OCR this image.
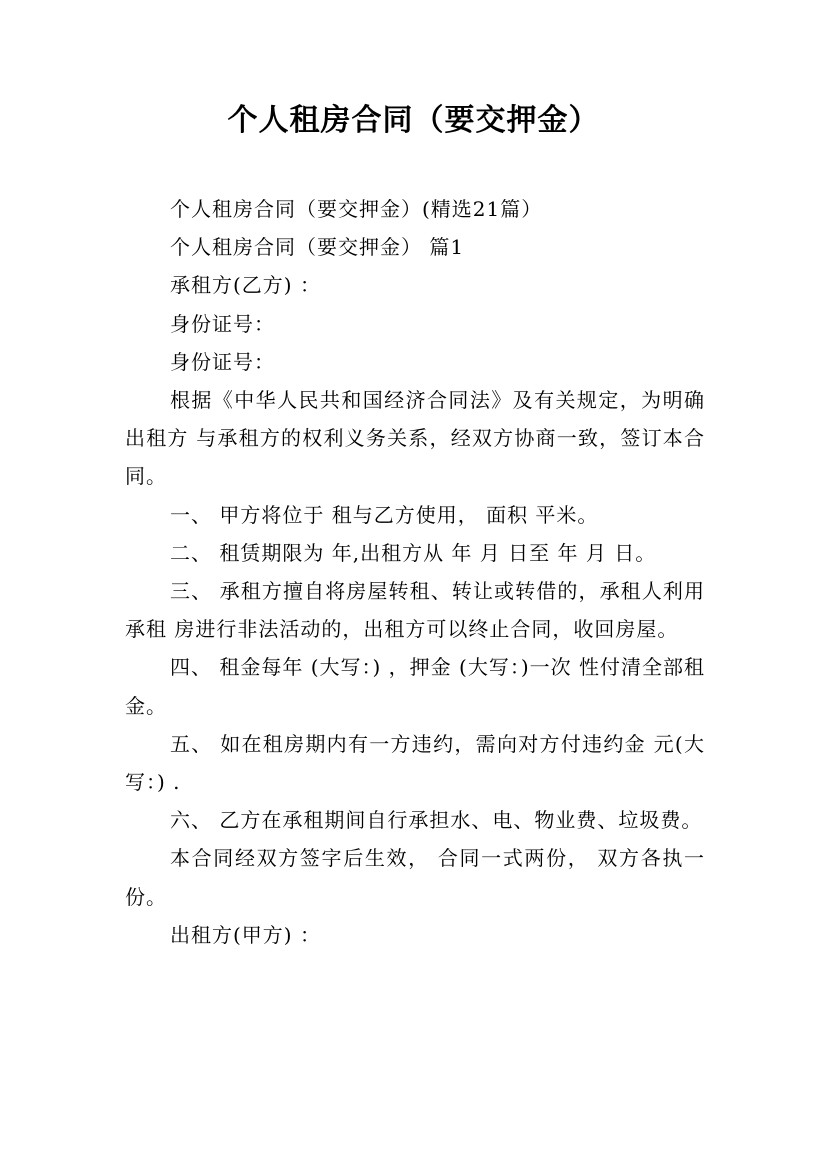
个人租房合同（要交押金）

个人租房合同（要交押金）(精选21篇）

个人租房合同（要交押金） 篇1

承租方(乙方) ：

身份证号：

身份证号：

根据《中华人民共和国经济合同法》及有关规定，为明确出租方 与承租方的权利义务关系，经双方协商一致，签订本合同。

一、 甲方将位于 租与乙方使用， 面积 平米。

二、 租赁期限为 年,出租方从 年 月 日至 年 月 日。

三、 承租方擅自将房屋转租、转让或转借的，承租人利用承租 房进行非法活动的，出租方可以终止合同，收回房屋。

四、 租金每年 (大写：) ，押金 (大写：)一次 性付清全部租金。

五、 如在租房期内有一方违约，需向对方付违约金 元(大写：) .

六、 乙方在承租期间自行承担水、电、物业费、垃圾费。

本合同经双方签字后生效， 合同一式两份， 双方各执一份。

出租方(甲方) ：
